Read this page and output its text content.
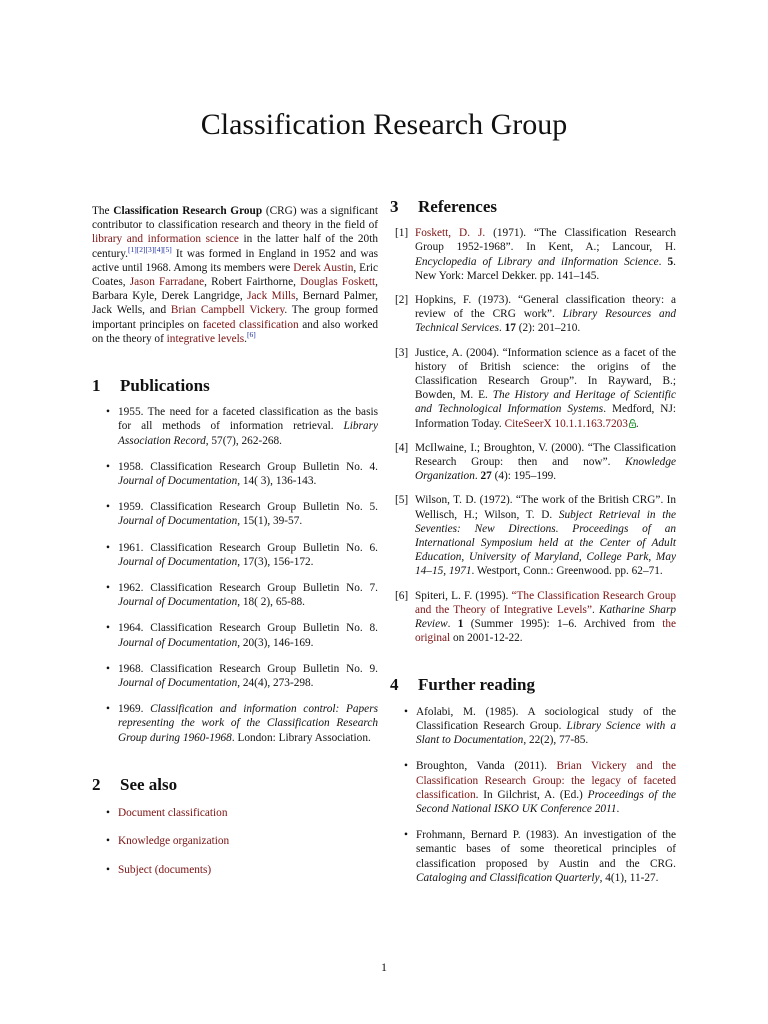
Classification Research Group

The Classification Research Group (CRG) was a significant contributor to classification research and theory in the field of library and information science in the latter half of the 20th century.[1][2][3][4][5] It was formed in England in 1952 and was active until 1968. Among its members were Derek Austin, Eric Coates, Jason Farradane, Robert Fairthorne, Douglas Foskett, Barbara Kyle, Derek Langridge, Jack Mills, Bernard Palmer, Jack Wells, and Brian Campbell Vickery. The group formed important principles on faceted classification and also worked on the theory of integrative levels.[6]

1 Publications
• 1955. The need for a faceted classification as the basis for all methods of information retrieval. Library Association Record, 57(7), 262-268.
• 1958. Classification Research Group Bulletin No. 4. Journal of Documentation, 14( 3), 136-143.
• 1959. Classification Research Group Bulletin No. 5. Journal of Documentation, 15(1), 39-57.
• 1961. Classification Research Group Bulletin No. 6. Journal of Documentation, 17(3), 156-172.
• 1962. Classification Research Group Bulletin No. 7. Journal of Documentation, 18( 2), 65-88.
• 1964. Classification Research Group Bulletin No. 8. Journal of Documentation, 20(3), 146-169.
• 1968. Classification Research Group Bulletin No. 9. Journal of Documentation, 24(4), 273-298.
• 1969. Classification and information control: Papers representing the work of the Classification Research Group during 1960-1968. London: Library Association.
2 See also
• Document classification
• Knowledge organization
• Subject (documents)
3 References
[1] Foskett, D. J. (1971). “The Classification Research Group 1952-1968”. In Kent, A.; Lancour, H. Encyclopedia of Library and iInformation Science. 5. New York: Marcel Dekker. pp. 141–145.
[2] Hopkins, F. (1973). “General classification theory: a review of the CRG work”. Library Resources and Technical Services. 17 (2): 201–210.
[3] Justice, A. (2004). “Information science as a facet of the history of British science: the origins of the Classification Research Group”. In Rayward, B.; Bowden, M. E. The History and Heritage of Scientific and Technological Information Systems. Medford, NJ: Information Today. CiteSeerX 10.1.1.163.7203 .
[4] McIlwaine, I.; Broughton, V. (2000). “The Classification Research Group: then and now”. Knowledge Organization. 27 (4): 195–199.
[5] Wilson, T. D. (1972). “The work of the British CRG”. In Wellisch, H.; Wilson, T. D. Subject Retrieval in the Seventies: New Directions. Proceedings of an International Symposium held at the Center of Adult Education, University of Maryland, College Park, May 14–15, 1971. Westport, Conn.: Greenwood. pp. 62–71.
[6] Spiteri, L. F. (1995). “The Classification Research Group and the Theory of Integrative Levels”. Katharine Sharp Review. 1 (Summer 1995): 1–6. Archived from the original on 2001-12-22.
4 Further reading
• Afolabi, M. (1985). A sociological study of the Classification Research Group. Library Science with a Slant to Documentation, 22(2), 77-85.
• Broughton, Vanda (2011). Brian Vickery and the Classification Research Group: the legacy of faceted classification. In Gilchrist, A. (Ed.) Proceedings of the Second National ISKO UK Conference 2011.
• Frohmann, Bernard P. (1983). An investigation of the semantic bases of some theoretical principles of classification proposed by Austin and the CRG. Cataloging and Classification Quarterly, 4(1), 11-27.
1
